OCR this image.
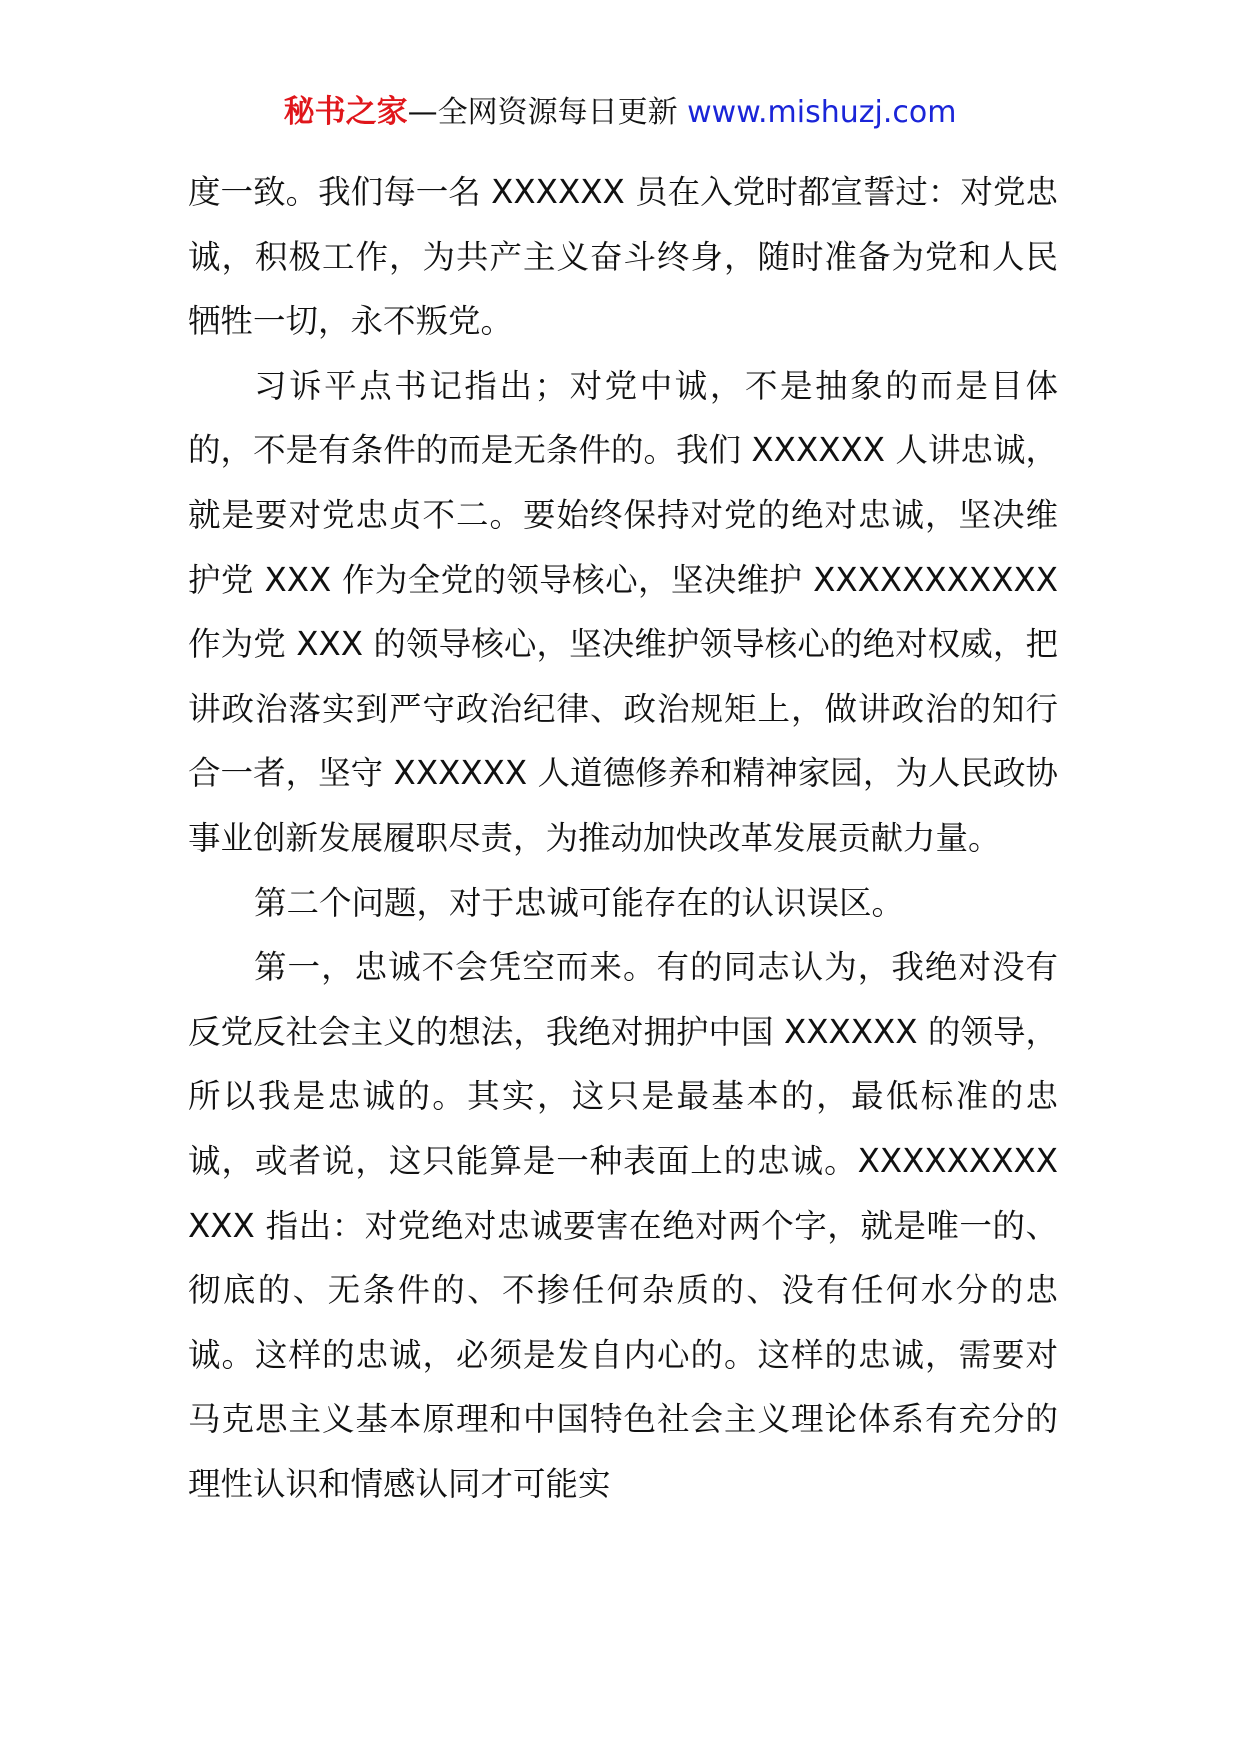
秘书之家—全网资源每日更新 www.mishuzj.com

度一致。我们每一名 XXXXXX 员在入党时都宣誓过：对党忠诚，积极工作，为共产主义奋斗终身，随时准备为党和人民牺牲一切，永不叛党。

习诉平点书记指出；对党中诚，不是抽象的而是目体的，不是有条件的而是无条件的。我们 XXXXXX 人讲忠诚，就是要对党忠贞不二。要始终保持对党的绝对忠诚，坚决维护党 XXX 作为全党的领导核心，坚决维护 XXXXXXXXXXX 作为党 XXX 的领导核心，坚决维护领导核心的绝对权威，把讲政治落实到严守政治纪律、政治规矩上，做讲政治的知行合一者，坚守 XXXXXX 人道德修养和精神家园，为人民政协事业创新发展履职尽责，为推动加快改革发展贡献力量。

第二个问题，对于忠诚可能存在的认识误区。

第一，忠诚不会凭空而来。有的同志认为，我绝对没有反党反社会主义的想法，我绝对拥护中国 XXXXXX 的领导，所以我是忠诚的。其实，这只是最基本的，最低标准的忠诚，或者说，这只能算是一种表面上的忠诚。XXXXXXXXXXXX 指出：对党绝对忠诚要害在绝对两个字，就是唯一的、彻底的、无条件的、不掺任何杂质的、没有任何水分的忠诚。这样的忠诚，必须是发自内心的。这样的忠诚，需要对马克思主义基本原理和中国特色社会主义理论体系有充分的理性认识和情感认同才可能实
